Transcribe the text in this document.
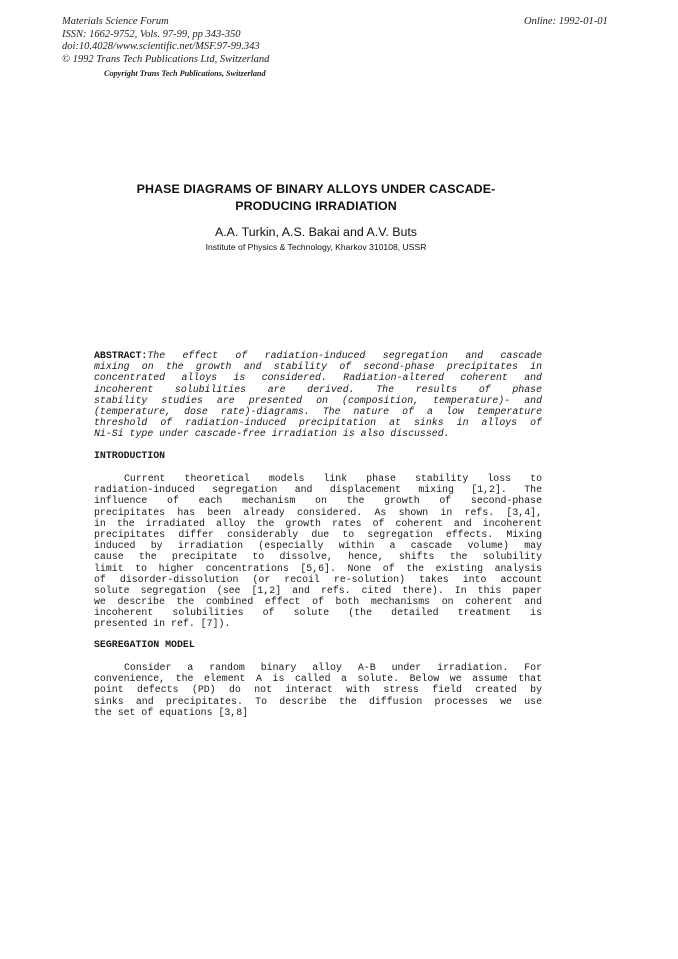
Materials Science Forum
ISSN: 1662-9752, Vols. 97-99, pp 343-350
doi:10.4028/www.scientific.net/MSF.97-99.343
© 1992 Trans Tech Publications Ltd, Switzerland
Online: 1992-01-01
Copyright Trans Tech Publications, Switzerland
PHASE DIAGRAMS OF BINARY ALLOYS UNDER CASCADE-
PRODUCING IRRADIATION
A.A. Turkin, A.S. Bakai and A.V. Buts
Institute of Physics & Technology, Kharkov 310108, USSR
ABSTRACT:The effect of radiation-induced segregation and cascade
mixing on the growth and stability of second-phase precipitates in
concentrated alloys is considered. Radiation-altered coherent and
incoherent solubilities are derived. The results of phase
stability studies are presented on (composition, temperature)- and
(temperature, dose rate)-diagrams. The nature of a low temperature
threshold of radiation-induced precipitation at sinks in alloys of
Ni-Si type under cascade-free irradiation is also discussed.
INTRODUCTION
Current theoretical models link phase stability loss to
radiation-induced segregation and displacement mixing [1,2]. The
influence of each mechanism on the growth of second-phase
precipitates has been already considered. As shown in refs. [3,4],
in the irradiated alloy the growth rates of coherent and incoherent
precipitates differ considerably due to segregation effects. Mixing
induced by irradiation (especially within a cascade volume) may
cause the precipitate to dissolve, hence, shifts the solubility
limit to higher concentrations [5,6]. None of the existing analysis
of disorder-dissolution (or recoil re-solution) takes into account
solute segregation (see [1,2] and refs. cited there). In this paper
we describe the combined effect of both mechanisms on coherent and
incoherent solubilities of solute (the detailed treatment is
presented in ref. [7]).
SEGREGATION MODEL
Consider a random binary alloy A-B under irradiation. For
convenience, the element A is called a solute. Below we assume that
point defects (PD) do not interact with stress field created by
sinks and precipitates. To describe the diffusion processes we use
the set of equations [3,8]
